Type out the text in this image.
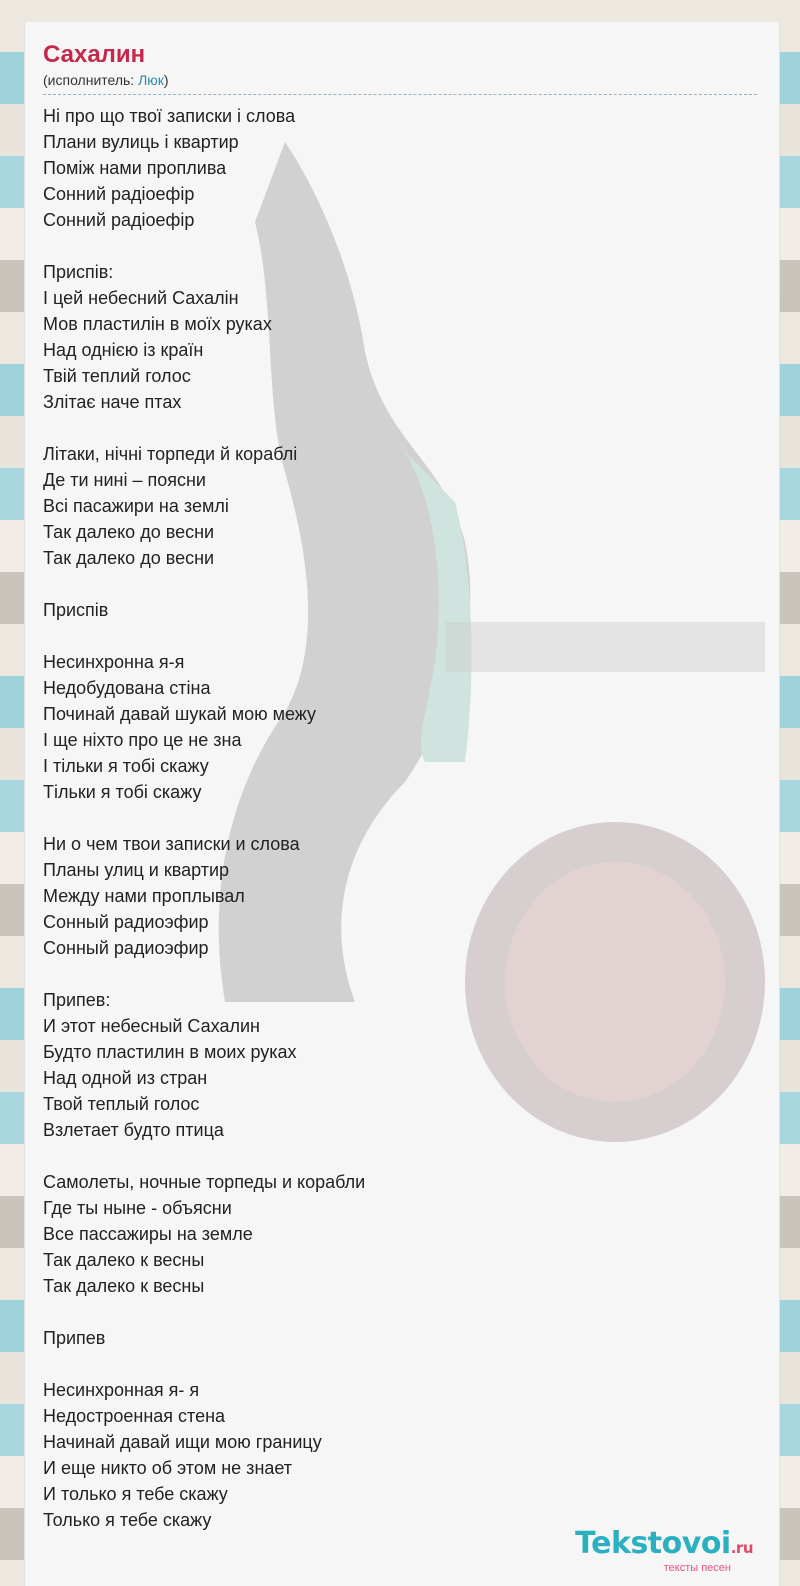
Сахалин
(исполнитель: Люк)
Ні про що твої записки і слова
Плани вулиць і квартир
Поміж нами проплива
Сонний радіоефір
Сонний радіоефір
Приспів:
І цей небесний Сахалін
Мов пластилін в моїх руках
Над однією із країн
Твій теплий голос
Злітає наче птах
Літаки, нічні торпеди й кораблі
Де ти нині – поясни
Всі пасажири на землі
Так далеко до весни
Так далеко до весни
Приспів
Несинхронна я-я
Недобудована стіна
Починай давай шукай мою межу
І ще ніхто про це не зна
І тільки я тобі скажу
Тільки я тобі скажу
Ни о чем твои записки и слова
Планы улиц и квартир
Между нами проплывал
Сонный радиоэфир
Сонный радиоэфир
Припев:
И этот небесный Сахалин
Будто пластилин в моих руках
Над одной из стран
Твой теплый голос
Взлетает будто птица
Самолеты, ночные торпеды и корабли
Где ты ныне - объясни
Все пассажиры на земле
Так далеко к весны
Так далеко к весны
Припев
Несинхронная я- я
Недостроенная стена
Начинай давай ищи мою границу
И еще никто об этом не знает
И только я тебе скажу
Только я тебе скажу
Tekstovoi.ru
тексты песен
